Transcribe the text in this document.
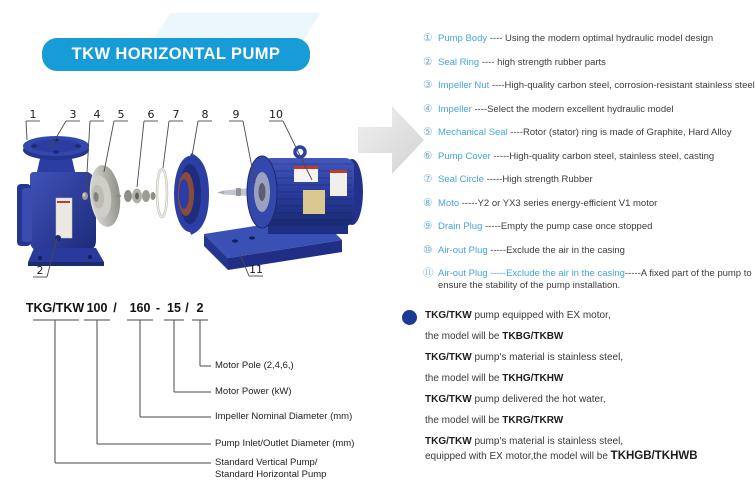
TKW HORIZONTAL PUMP
1	3 4 5 6 7 8 9	10
2	11
① Pump Body ---- Using the modern optimal hydraulic model design
② Seal Ring ---- high strength rubber parts
③ Impeller Nut ----High-quality carbon steel, corrosion-resistant stainless steel
④ Impeller ----Select the modern excellent hydraulic model
⑤ Mechanical Seal ----Rotor (stator) ring is made of Graphite, Hard Alloy
⑥ Pump Cover -----High-quality carbon steel, stainless steel, casting
⑦ Seal Circle -----High strength Rubber
⑧ Moto -----Y2 or YX3 series energy-efficient V1 motor
⑨ Drain Plug -----Empty the pump case once stopped
⑩ Air-out Plug -----Exclude the air in the casing
⑪ Air-out Plug -----Exclude the air in the casing-----A fixed part of the pump to ensure the stability of the pump installation.
TKG/TKW 100 / 160 - 15 / 2
Motor Pole (2,4,6,)
Motor Power (kW)
Impeller Nominal Diameter (mm)
Pump Inlet/Outlet Diameter (mm)
Standard Vertical Pump/
Standard Horizontal Pump
TKG/TKW pump equipped with EX motor,
the model will be TKBG/TKBW
TKG/TKW pump's material is stainless steel,
the model will be TKHG/TKHW
TKG/TKW pump delivered the hot water,
the model will be TKRG/TKRW
TKG/TKW pump's material is stainless steel,
equipped with EX motor,the model will be TKHGB/TKHWB
